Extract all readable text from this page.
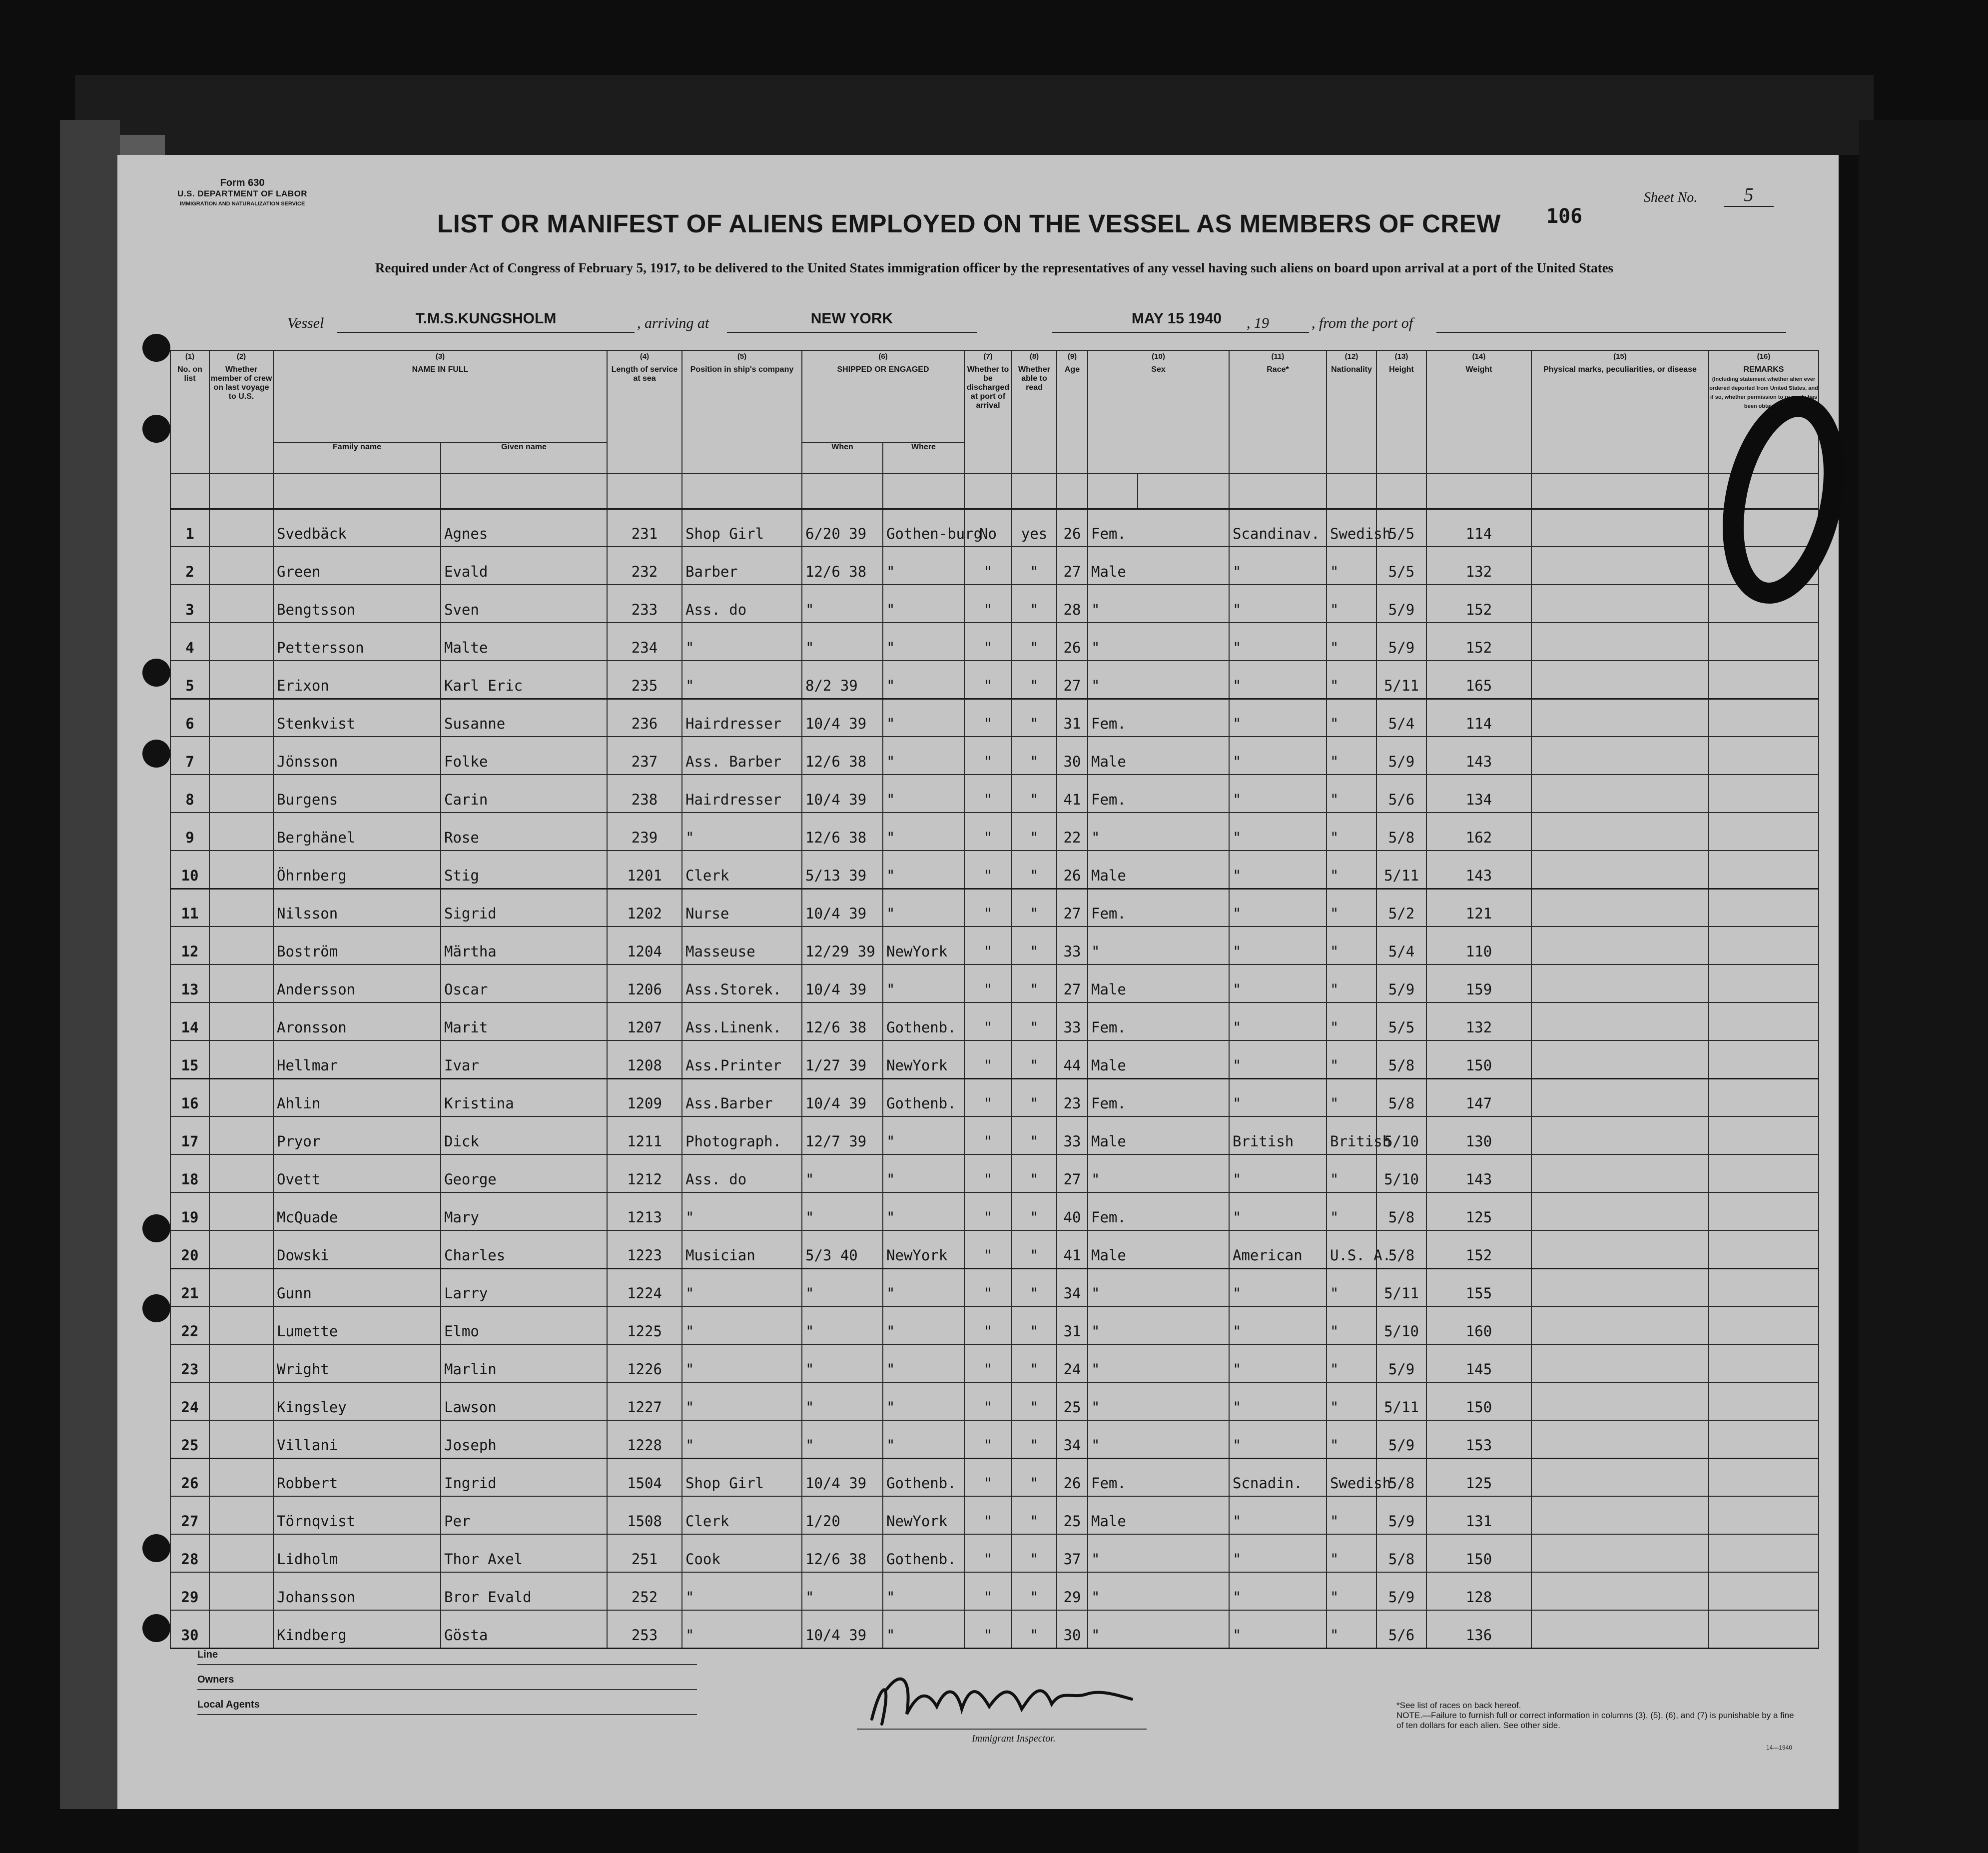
Form 630
U.S. DEPARTMENT OF LABOR
IMMIGRATION AND NATURALIZATION SERVICE
LIST OR MANIFEST OF ALIENS EMPLOYED ON THE VESSEL AS MEMBERS OF CREW 106
Sheet No.	5
Required under Act of Congress of February 5, 1917, to be delivered to the United States immigration officer by the representatives of any vessel having such aliens on board upon arrival at a port of the United States
Vessel	T.M.S.KUNGSHOLM	, arriving at	NEW YORK	MAY 15 1940	, 19	, from the port of
(1)
No. on list	(2)
Whether member of crew on last voyage to U.S.	(3)
NAME IN FULL		(4)
Length of service at sea	(5)
Position in ship's company	(6)
SHIPPED OR ENGAGED		(7)
Whether to be discharged at port of arrival	(8)
Whether able to read	(9)
Age	(10)
Sex		(11)
Race*	(12)
Nationality	(13)
Height	(14)
Weight	(15)
Physical marks, peculiarities, or disease	(16)
REMARKS
(Including statement whether alien ever ordered deported from United States, and if so, whether permission to re-apply has been obtained)	

		Family name	Given name			When	Where												

1		Svedbäck	Agnes	231	Shop Girl	6/20 39	Gothen-burg	No	yes	26	Fem.		Scandinav.	Swedish	5/5	114			
2		Green	Evald	232	Barber	12/6 38	"	"	"	27	Male		"	"	5/5	132			
3		Bengtsson	Sven	233	Ass. do	"	"	"	"	28	"		"	"	5/9	152			
4		Pettersson	Malte	234	"	"	"	"	"	26	"		"	"	5/9	152			
5		Erixon	Karl Eric	235	"	8/2 39	"	"	"	27	"		"	"	5/11	165			
6		Stenkvist	Susanne	236	Hairdresser	10/4 39	"	"	"	31	Fem.		"	"	5/4	114			
7		Jönsson	Folke	237	Ass. Barber	12/6 38	"	"	"	30	Male		"	"	5/9	143			
8		Burgens	Carin	238	Hairdresser	10/4 39	"	"	"	41	Fem.		"	"	5/6	134			
9		Berghänel	Rose	239	"	12/6 38	"	"	"	22	"		"	"	5/8	162			
10		Öhrnberg	Stig	1201	Clerk	5/13 39	"	"	"	26	Male		"	"	5/11	143			
11		Nilsson	Sigrid	1202	Nurse	10/4 39	"	"	"	27	Fem.		"	"	5/2	121			
12		Boström	Märtha	1204	Masseuse	12/29 39	NewYork	"	"	33	"		"	"	5/4	110			
13		Andersson	Oscar	1206	Ass.Storek.	10/4 39	"	"	"	27	Male		"	"	5/9	159			
14		Aronsson	Marit	1207	Ass.Linenk.	12/6 38	Gothenb.	"	"	33	Fem.		"	"	5/5	132			
15		Hellmar	Ivar	1208	Ass.Printer	1/27 39	NewYork	"	"	44	Male		"	"	5/8	150			
16		Ahlin	Kristina	1209	Ass.Barber	10/4 39	Gothenb.	"	"	23	Fem.		"	"	5/8	147			
17		Pryor	Dick	1211	Photograph.	12/7 39	"	"	"	33	Male		British	British	5/10	130			
18		Ovett	George	1212	Ass. do	"	"	"	"	27	"		"	"	5/10	143			
19		McQuade	Mary	1213	"	"	"	"	"	40	Fem.		"	"	5/8	125			
20		Dowski	Charles	1223	Musician	5/3 40	NewYork	"	"	41	Male		American	U.S. A.	5/8	152			
21		Gunn	Larry	1224	"	"	"	"	"	34	"		"	"	5/11	155			
22		Lumette	Elmo	1225	"	"	"	"	"	31	"		"	"	5/10	160			
23		Wright	Marlin	1226	"	"	"	"	"	24	"		"	"	5/9	145			
24		Kingsley	Lawson	1227	"	"	"	"	"	25	"		"	"	5/11	150			
25		Villani	Joseph	1228	"	"	"	"	"	34	"		"	"	5/9	153			
26		Robbert	Ingrid	1504	Shop Girl	10/4 39	Gothenb.	"	"	26	Fem.		Scnadin.	Swedish	5/8	125			
27		Törnqvist	Per	1508	Clerk	1/20	NewYork	"	"	25	Male		"	"	5/9	131			
28		Lidholm	Thor Axel	251	Cook	12/6 38	Gothenb.	"	"	37	"		"	"	5/8	150			
29		Johansson	Bror Evald	252	"	"	"	"	"	29	"		"	"	5/9	128			
30		Kindberg	Gösta	253	"	10/4 39	"	"	"	30	"		"	"	5/6	136			
Line
Owners
Local Agents
Immigrant Inspector.
*See list of races on back hereof.
NOTE.—Failure to furnish full or correct information in columns (3), (5), (6), and (7) is punishable by a fine of ten dollars for each alien. See other side.
14—1940
